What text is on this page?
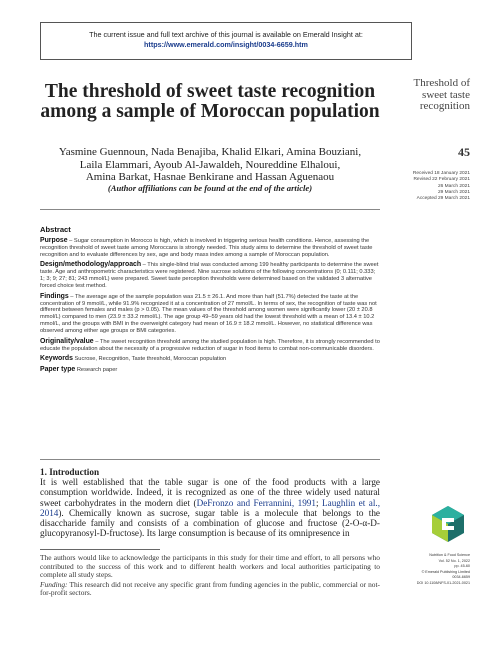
The current issue and full text archive of this journal is available on Emerald Insight at:
https://www.emerald.com/insight/0034-6659.htm
The threshold of sweet taste recognition among a sample of Moroccan population
Yasmine Guennoun, Nada Benajiba, Khalid Elkari, Amina Bouziani,
Laila Elammari, Ayoub Al-Jawaldeh, Noureddine Elhaloui,
Amina Barkat, Hasnae Benkirane and Hassan Aguenaou
(Author affiliations can be found at the end of the article)
Threshold of
sweet taste
recognition
45
Received 18 January 2021
Revised 22 February 2021
26 March 2021
29 March 2021
Accepted 29 March 2021
Abstract
Purpose – Sugar consumption in Morocco is high, which is involved in triggering serious health conditions. Hence, assessing the recognition threshold of sweet taste among Moroccans is strongly needed. This study aims to determine the threshold of sweet taste recognition and to evaluate differences by sex, age and body mass index among a sample of Moroccan population.
Design/methodology/approach – This single-blind trial was conducted among 199 healthy participants to determine the sweet taste. Age and anthropometric characteristics were registered. Nine sucrose solutions of the following concentrations (0; 0.111; 0.333; 1; 3; 9; 27; 81; 243 mmol/L) were prepared. Sweet taste perception thresholds were determined based on the validated 3 alternative forced choice test method.
Findings – The average age of the sample population was 21.5 ± 26.1. And more than half (51.7%) detected the taste at the concentration of 9 mmol/L, while 91.9% recognized it at a concentration of 27 mmol/L. In terms of sex, the recognition of taste was not different between females and males (p > 0.05). The mean values of the threshold among women were significantly lower (20 ± 20.8 mmol/L) compared to men (23.9 ± 33.2 mmol/L). The age group 49–59 years old had the lowest threshold with a mean of 13.4 ± 10.2 mmol/L, and the groups with BMI in the overweight category had mean of 16.9 ± 18.2 mmol/L. However, no statistical difference was observed among either age groups or BMI categories.
Originality/value – The sweet recognition threshold among the studied population is high. Therefore, it is strongly recommended to educate the population about the necessity of a progressive reduction of sugar in food items to combat non-communicable disorders.
Keywords Sucrose, Recognition, Taste threshold, Moroccan population
Paper type Research paper
1. Introduction
It is well established that the table sugar is one of the food products with a large consumption worldwide. Indeed, it is recognized as one of the three widely used natural sweet carbohydrates in the modern diet (DeFronzo and Ferrannini, 1991; Laughlin et al., 2014). Chemically known as sucrose, sugar table is a molecule that belongs to the disaccharide family and consists of a combination of glucose and fructose (2-O-α-D-glucopyranosyl-D-fructose). Its large consumption is because of its omnipresence in

The authors would like to acknowledge the participants in this study for their time and effort, to all persons who contributed to the success of this work and to different health workers and local authorities participating to complete all study steps.

Funding: This research did not receive any specific grant from funding agencies in the public, commercial or not-for-profit sectors.

Nutrition & Food Science
Vol. 52 No. 1, 2022
pp. 45-60
© Emerald Publishing Limited
0034-6659
DOI 10.1108/NFS-01-2021-0021
